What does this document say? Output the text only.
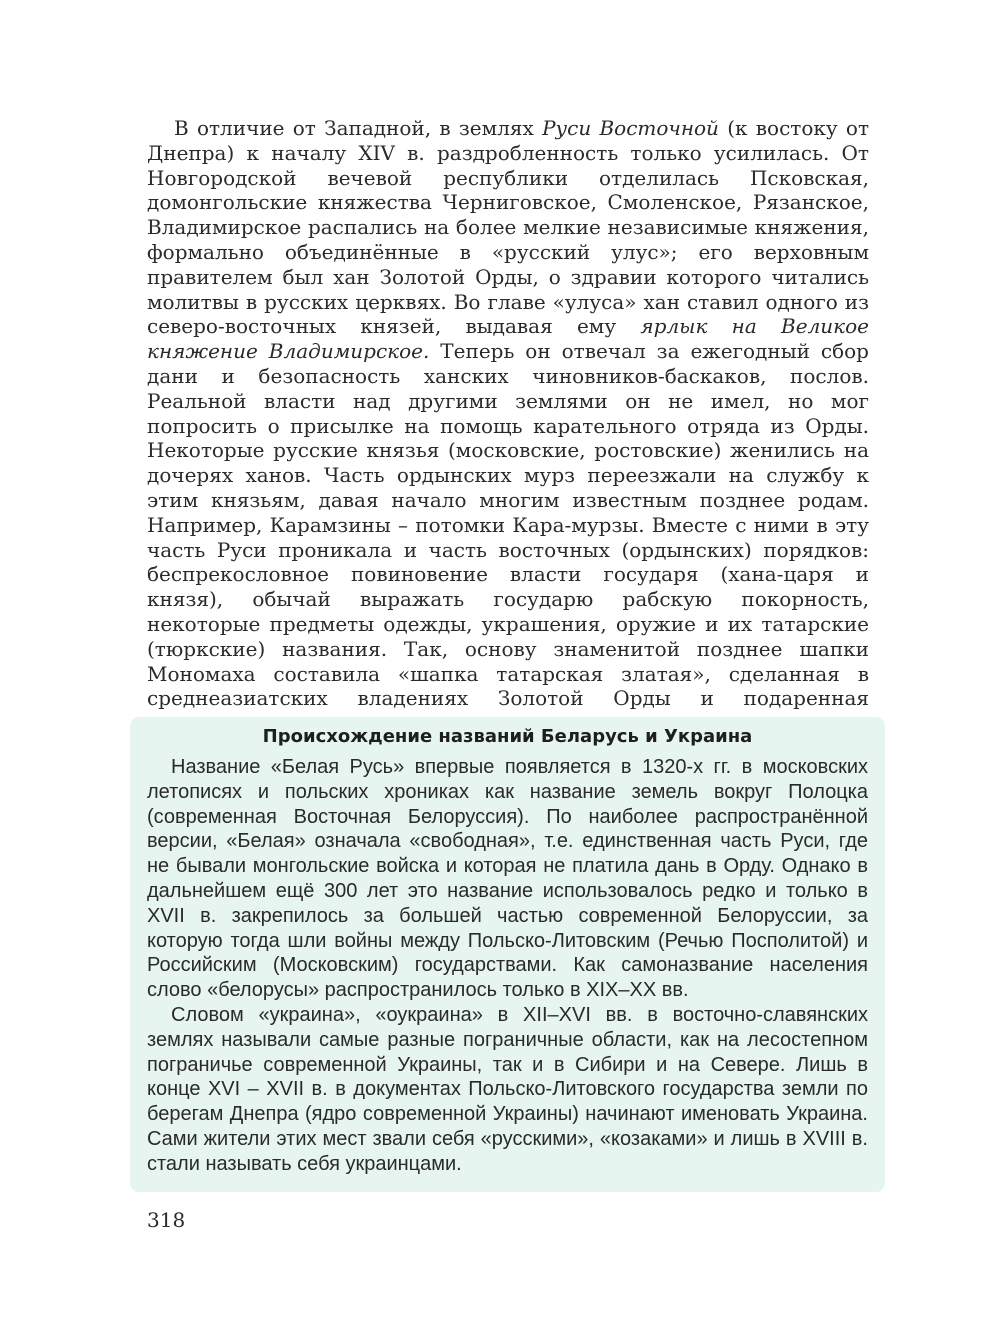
В отличие от Западной, в землях Руси Восточной (к востоку от Днепра) к началу XIV в. раздробленность только усилилась. От Новгородской вечевой республики отделилась Псковская, домонгольские княжества Черниговское, Смоленское, Рязанское, Владимирское распались на более мелкие независимые княжения, формально объединённые в «русский улус»; его верховным правителем был хан Золотой Орды, о здравии которого читались молитвы в русских церквях. Во главе «улуса» хан ставил одного из северо-восточных князей, выдавая ему ярлык на Великое княжение Владимирское. Теперь он отвечал за ежегодный сбор дани и безопасность ханских чиновников-баскаков, послов. Реальной власти над другими землями он не имел, но мог попросить о присылке на помощь карательного отряда из Орды. Некоторые русские князья (московские, ростовские) женились на дочерях ханов. Часть ордынских мурз переезжали на службу к этим князьям, давая начало многим известным позднее родам. Например, Карамзины – потомки Кара-мурзы. Вместе с ними в эту часть Руси проникала и часть восточных (ордынских) порядков: беспрекословное повиновение власти государя (хана-царя и князя), обычай выражать государю рабскую покорность, некоторые предметы одежды, украшения, оружие и их татарские (тюркские) названия. Так, основу знаменитой позднее шапки Мономаха составила «шапка татарская златая», сделанная в среднеазиатских владениях Золотой Орды и подаренная

Происхождение названий Беларусь и Украина

Название «Белая Русь» впервые появляется в 1320-х гг. в московских летописях и польских хрониках как название земель вокруг Полоцка (современная Восточная Белоруссия). По наиболее распространённой версии, «Белая» означала «свободная», т.е. единственная часть Руси, где не бывали монгольские войска и которая не платила дань в Орду. Однако в дальнейшем ещё 300 лет это название использовалось редко и только в XVII в. закрепилось за большей частью современной Белоруссии, за которую тогда шли войны между Польско-Литовским (Речью Посполитой) и Российским (Московским) государствами. Как самоназвание населения слово «белорусы» распространилось только в XIX–XX вв.

Словом «украина», «оукраина» в XII–XVI вв. в восточно-славянских землях называли самые разные пограничные области, как на лесостепном пограничье современной Украины, так и в Сибири и на Севере. Лишь в конце XVI – XVII в. в документах Польско-Литовского государства земли по берегам Днепра (ядро современной Украины) начинают именовать Украина. Сами жители этих мест звали себя «русскими», «козаками» и лишь в XVIII в. стали называть себя украинцами.

318
